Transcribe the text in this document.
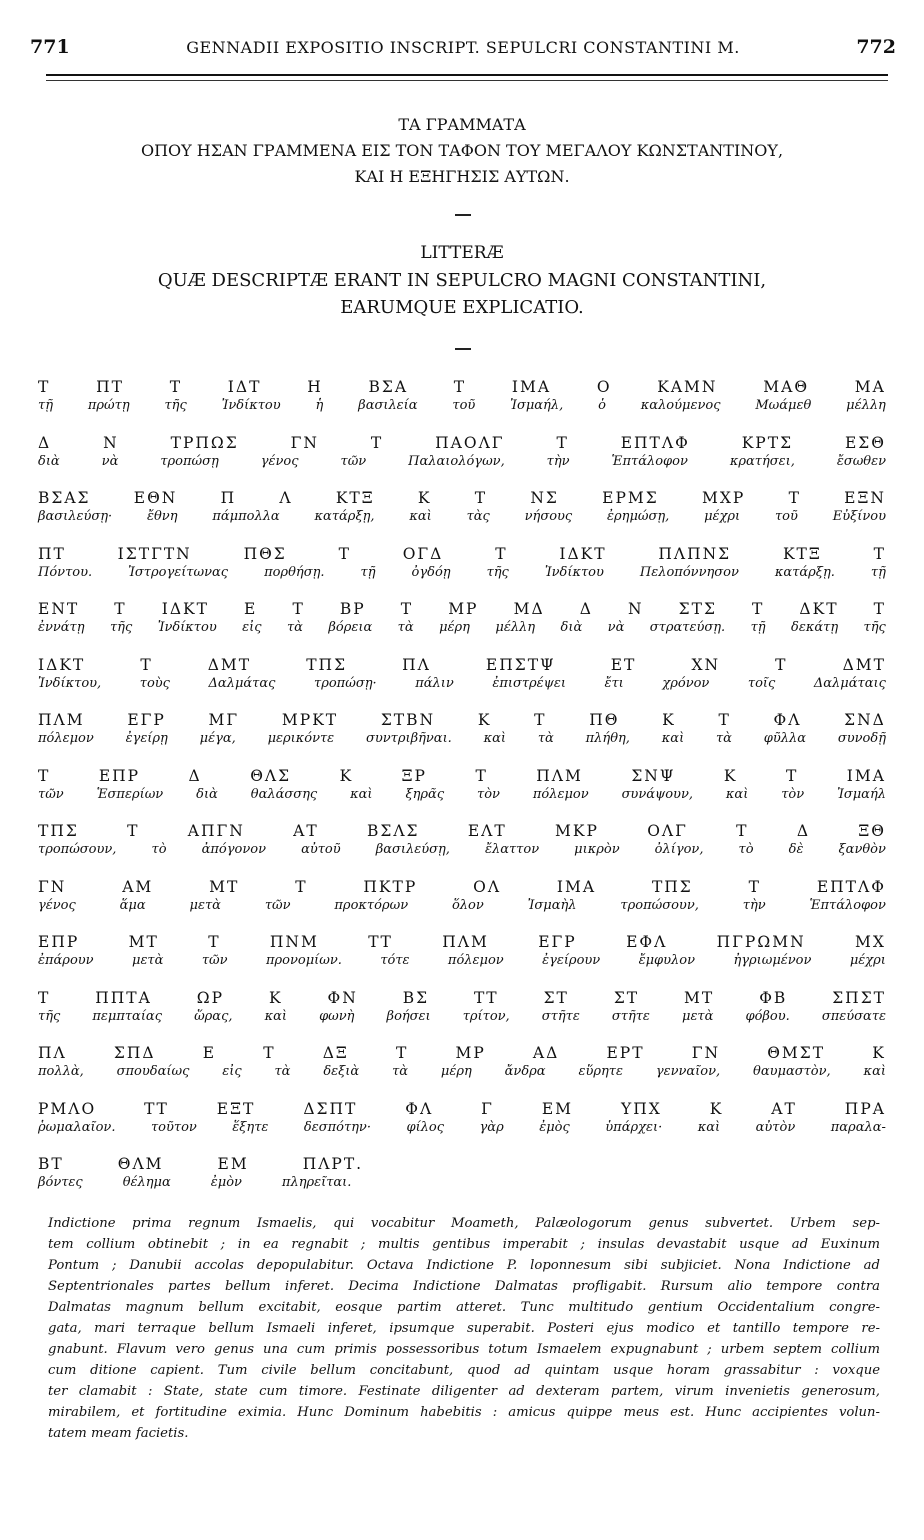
771	GENNADII EXPOSITIO INSCRIPT. SEPULCRI CONSTANTINI M.	772
ΤΑ ΓΡΑΜΜΑΤΑ
ΟΠΟΥ ΗΣΑΝ ΓΡΑΜΜΕΝΑ ΕΙΣ ΤΟΝ ΤΑΦΟΝ ΤΟΥ ΜΕΓΑΛΟΥ ΚΩΝΣΤΑΝΤΙΝΟΥ,
ΚΑΙ Η ΕΞΗΓΗΣΙΣ ΑΥΤΩΝ.
LITTERÆ
QUÆ DESCRIPTÆ ERANT IN SEPULCRO MAGNI CONSTANTINI,
EARUMQUE EXPLICATIO.
Τ	ΠΤ	Τ	ΙΔΤ	Η	ΒΣΑ	Τ	ΙΜΑ	Ο	ΚΑΜΝ	ΜΑΘ	ΜΑ
τῇ	πρώτῃ	τῆς	Ἰνδίκτου	ἡ	βασιλεία	τοῦ	Ἰσμαήλ,	ὁ	καλούμενος	Μωάμεθ	μέλλη
Δ	Ν	ΤΡΠΩΣ	ΓΝ	Τ	ΠΑΟΛΓ	Τ	ΕΠΤΛΦ	ΚΡΤΣ	ΕΣΘ
διὰ	νὰ	τροπώσῃ	γένος	τῶν	Παλαιολόγων,	τὴν	Ἑπτάλοφον	κρατήσει,	ἔσωθεν
ΒΣΑΣ	ΕΘΝ	Π	Λ	ΚΤΞ	Κ	Τ	ΝΣ	ΕΡΜΣ	ΜΧΡ	Τ	ΕΞΝ
βασιλεύσῃ·	ἔθνη	πάμπολλα	κατάρξῃ,	καὶ	τὰς	νήσους	ἐρημώσῃ,	μέχρι	τοῦ	Εὐξίνου
ΠΤ	ΙΣΤΓΤΝ	ΠΘΣ	Τ	ΟΓΔ	Τ	ΙΔΚΤ	ΠΛΠΝΣ	ΚΤΞ	Τ
Πόντου.	Ἰστρογείτωνας	πορθήσῃ.	τῇ	ὀγδόῃ	τῆς	Ἰνδίκτου	Πελοπόννησον	κατάρξῃ.	τῇ
ΕΝΤ Τ ΙΔΚΤ Ε Τ ΒΡ Τ ΜΡ ΜΔ Δ Ν ΣΤΣ Τ ΔΚΤ Τ
ἐννάτῃ τῆς Ἰνδίκτου εἰς τὰ βόρεια τὰ μέρη μέλλη διὰ νὰ στρατεύσῃ. τῇ δεκάτῃ τῆς
ΙΔΚΤ	Τ	ΔΜΤ	ΤΠΣ	ΠΛ	ΕΠΣΤΨ	ΕΤ	ΧΝ	Τ	ΔΜΤ
Ἰνδίκτου,	τοὺς	Δαλμάτας	τροπώσῃ·	πάλιν	ἐπιστρέψει	ἔτι	χρόνον	τοῖς	Δαλμάταις
ΠΛΜ	ΕΓΡ	ΜΓ	ΜΡΚΤ	ΣΤΒΝ	Κ	Τ	ΠΘ	Κ	Τ	ΦΛ	ΣΝΔ
πόλεμον ἐγείρῃ μέγα, μερικόντε συντριβῆναι. καὶ τὰ πλήθη, καὶ τὰ φῦλλα συνοδῇ
Τ	ΕΠΡ	Δ	ΘΛΣ	Κ	ΞΡ	Τ	ΠΛΜ	ΣΝΨ	Κ	Τ	ΙΜΑ
τῶν	Ἑσπερίων	διὰ	θαλάσσης	καὶ	ξηρᾶς	τὸν	πόλεμον	συνάψουν,	καὶ	τὸν	Ἰσμαήλ
ΤΠΣ	Τ	ΑΠΓΝ	ΑΤ	ΒΣΛΣ	ΕΛΤ	ΜΚΡ	ΟΛΓ	Τ	Δ	ΞΘ
τροπώσουν,	τὸ	ἀπόγονον	αὐτοῦ	βασιλεύσῃ,	ἔλαττον	μικρὸν	ὀλίγον,	τὸ	δὲ	ξανθὸν
ΓΝ	ΑΜ	ΜΤ	Τ	ΠΚΤΡ	ΟΛ	ΙΜΑ	ΤΠΣ	Τ	ΕΠΤΛΦ
γένος	ἅμα	μετὰ	τῶν	προκτόρων	ὅλον	Ἰσμαὴλ	τροπώσουν,	τὴν	Ἑπτάλοφον
ΕΠΡ	ΜΤ	Τ	ΠΝΜ	ΤΤ	ΠΛΜ	ΕΓΡ	ΕΦΛ	ΠΓΡΩΜΝ	ΜΧ
ἐπάρουν	μετὰ	τῶν	προνομίων.	τότε	πόλεμον	ἐγείρουν	ἔμφυλον	ἠγριωμένον	μέχρι
Τ	ΠΠΤΑ	ΩΡ	Κ	ΦΝ	ΒΣ	ΤΤ	ΣΤ	ΣΤ	ΜΤ	ΦΒ	ΣΠΣΤ
τῆς πεμπταίας ὥρας, καὶ φωνὴ βοήσει τρίτον, στῆτε στῆτε μετὰ φόβου. σπεύσατε
ΠΛ	ΣΠΔ	Ε	Τ	ΔΞ	Τ	ΜΡ	ΑΔ	ΕΡΤ	ΓΝ	ΘΜΣΤ	Κ
πολλὰ,	σπουδαίως	εἰς	τὰ	δεξιὰ	τὰ	μέρη	ἄνδρα	εὕρητε	γενναῖον,	θαυμαστὸν,	καὶ
ΡΜΛΟ	ΤΤ	ΕΞΤ	ΔΣΠΤ	ΦΛ	Γ	ΕΜ	ΥΠΧ	Κ	ΑΤ	ΠΡΑ
ῥωμαλαῖον.	τοῦτον	ἕξητε	δεσπότην·	φίλος	γὰρ	ἐμὸς	ὑπάρχει·	καὶ	αὐτὸν	παραλα-
ΒΤ	ΘΛΜ	ΕΜ	ΠΛΡΤ.
βόντες	θέλημα	ἐμὸν	πληρεῖται.
Indictione prima regnum Ismaelis, qui vocabitur Moameth, Palæologorum genus subvertet. Urbem sep-
tem collium obtinebit ; in ea regnabit ; multis gentibus imperabit ; insulas devastabit usque ad Euxinum
Pontum ; Danubii accolas depopulabitur. Octava Indictione P. loponnesum sibi subjiciet. Nona Indictione ad
Septentrionales partes bellum inferet. Decima Indictione Dalmatas profligabit. Rursum alio tempore contra
Dalmatas magnum bellum excitabit, eosque partim atteret. Tunc multitudo gentium Occidentalium congre-
gata, mari terraque bellum Ismaeli inferet, ipsumque superabit. Posteri ejus modico et tantillo tempore re-
gnabunt. Flavum vero genus una cum primis possessoribus totum Ismaelem expugnabunt ; urbem septem collium
cum ditione capient. Tum civile bellum concitabunt, quod ad quintam usque horam grassabitur : voxque
ter clamabit : State, state cum timore. Festinate diligenter ad dexteram partem, virum invenietis generosum,
mirabilem, et fortitudine eximia. Hunc Dominum habebitis : amicus quippe meus est. Hunc accipientes volun-
tatem meam facietis.
